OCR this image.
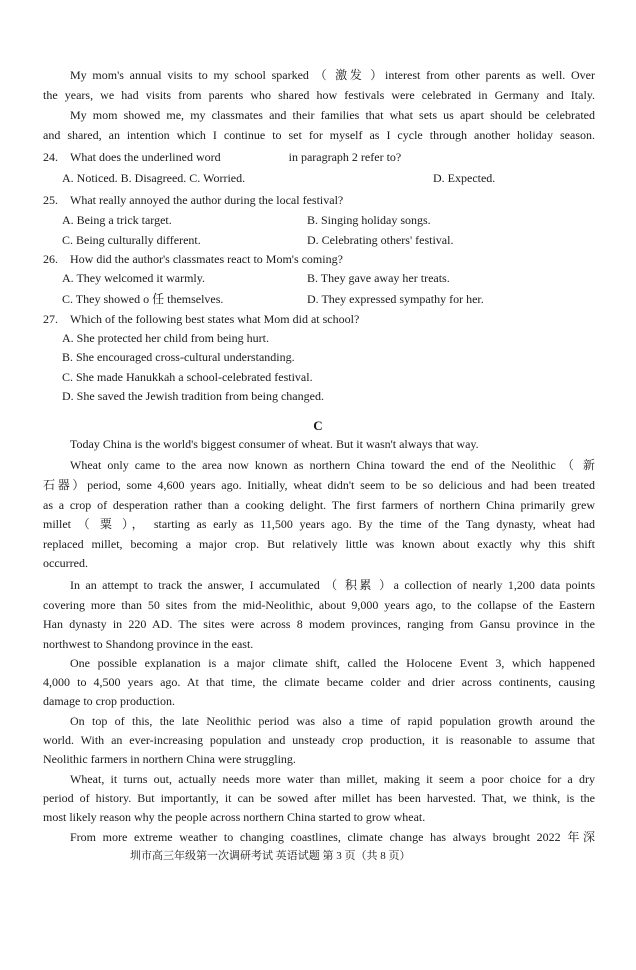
My mom's annual visits to my school sparked （ 激发 ）interest from other parents as well. Over
the years, we had visits from parents who shared how festivals were celebrated in Germany and Italy.
My mom showed me, my classmates and their families that what sets us apart should be celebrated
and shared, an intention which I continue to set for myself as I cycle through another holiday season.
24. What does the underlined word	in paragraph 2 refer to?
A. Noticed. B. Disagreed. C. Worried.	D. Expected.
25. What really annoyed the author during the local festival?
A. Being a trick target.	B. Singing holiday songs.
C. Being culturally different.	D. Celebrating others' festival.
26. How did the author's classmates react to Mom's coming?
A. They welcomed it warmly.	B. They gave away her treats.
C. They showed o 任 themselves.	D. They expressed sympathy for her.
27. Which of the following best states what Mom did at school?
A. She protected her child from being hurt.
B. She encouraged cross-cultural understanding.
C. She made Hanukkah a school-celebrated festival.
D. She saved the Jewish tradition from being changed.
C
Today China is the world's biggest consumer of wheat. But it wasn't always that way.
Wheat only came to the area now known as northern China toward the end of the Neolithic （ 新
石器）period, some 4,600 years ago. Initially, wheat didn't seem to be so delicious and had been treated
as a crop of desperation rather than a cooking delight. The first farmers of northern China primarily grew
millet （ 粟 ）， starting as early as 11,500 years ago. By the time of the Tang dynasty, wheat had
replaced millet, becoming a major crop. But relatively little was known about exactly why this shift
occurred.
In an attempt to track the answer, I accumulated （ 积累 ）a collection of nearly 1,200 data points
covering more than 50 sites from the mid-Neolithic, about 9,000 years ago, to the collapse of the Eastern
Han dynasty in 220 AD. The sites were across 8 modem provinces, ranging from Gansu province in the
northwest to Shandong province in the east.
One possible explanation is a major climate shift, called the Holocene Event 3, which happened
4,000 to 4,500 years ago. At that time, the climate became colder and drier across continents, causing
damage to crop production.
On top of this, the late Neolithic period was also a time of rapid population growth around the
world. With an ever-increasing population and unsteady crop production, it is reasonable to assume that
Neolithic farmers in northern China were struggling.
Wheat, it turns out, actually needs more water than millet, making it seem a poor choice for a dry
period of history. But importantly, it can be sowed after millet has been harvested. That, we think, is the
most likely reason why the people across northern China started to grow wheat.
From more extreme weather to changing coastlines, climate change has always brought 2022 年深
圳市高三年级第一次调研考试 英语试题 第 3 页（共 8 页）
